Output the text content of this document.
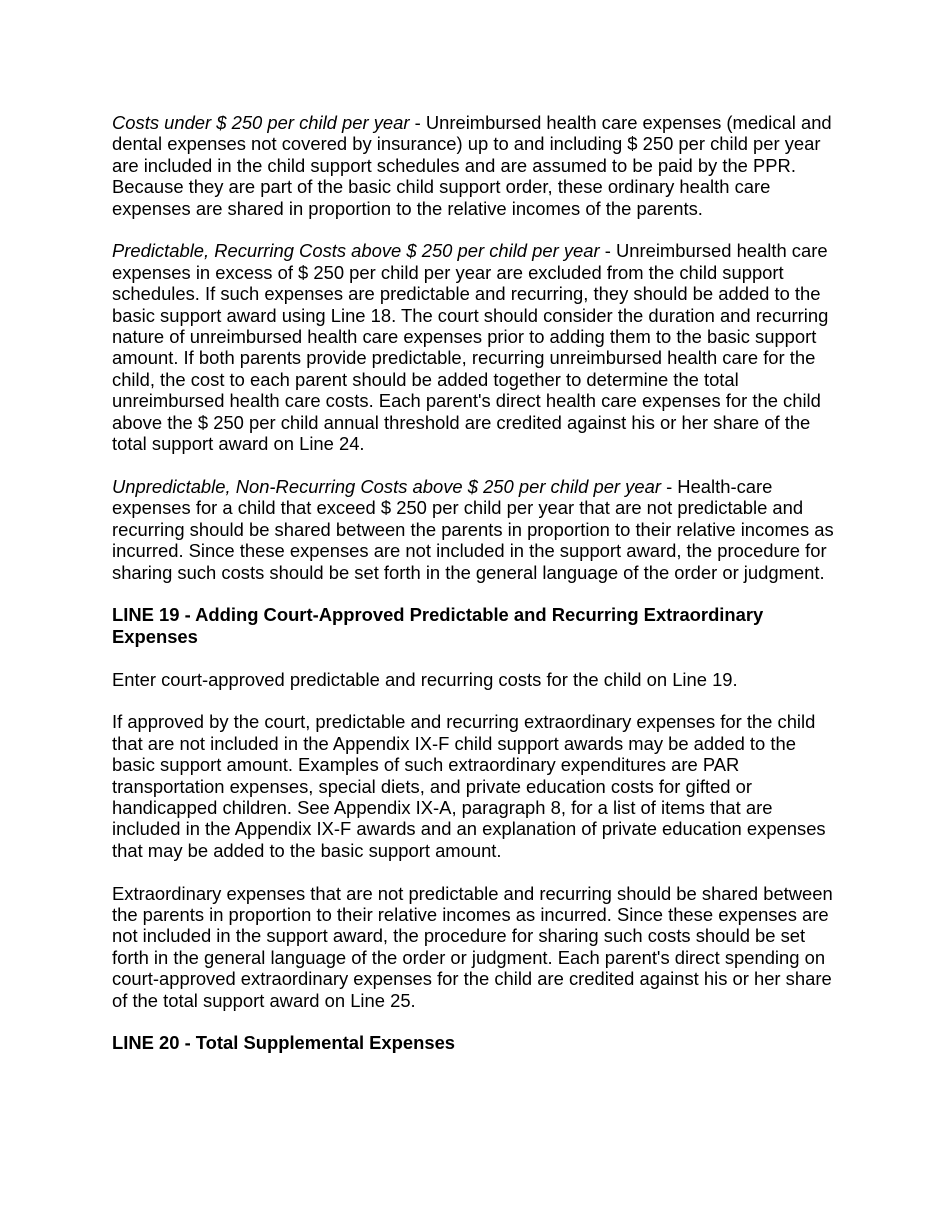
Costs under $ 250 per child per year - Unreimbursed health care expenses (medical and dental expenses not covered by insurance) up to and including $ 250 per child per year are included in the child support schedules and are assumed to be paid by the PPR. Because they are part of the basic child support order, these ordinary health care expenses are shared in proportion to the relative incomes of the parents.

Predictable, Recurring Costs above $ 250 per child per year - Unreimbursed health care expenses in excess of $ 250 per child per year are excluded from the child support schedules. If such expenses are predictable and recurring, they should be added to the basic support award using Line 18. The court should consider the duration and recurring nature of unreimbursed health care expenses prior to adding them to the basic support amount. If both parents provide predictable, recurring unreimbursed health care for the child, the cost to each parent should be added together to determine the total unreimbursed health care costs. Each parent's direct health care expenses for the child above the $ 250 per child annual threshold are credited against his or her share of the total support award on Line 24.

Unpredictable, Non-Recurring Costs above $ 250 per child per year - Health-care expenses for a child that exceed $ 250 per child per year that are not predictable and recurring should be shared between the parents in proportion to their relative incomes as incurred. Since these expenses are not included in the support award, the procedure for sharing such costs should be set forth in the general language of the order or judgment.

LINE 19 - Adding Court-Approved Predictable and Recurring Extraordinary Expenses

Enter court-approved predictable and recurring costs for the child on Line 19.

If approved by the court, predictable and recurring extraordinary expenses for the child that are not included in the Appendix IX-F child support awards may be added to the basic support amount. Examples of such extraordinary expenditures are PAR transportation expenses, special diets, and private education costs for gifted or handicapped children. See Appendix IX-A, paragraph 8, for a list of items that are included in the Appendix IX-F awards and an explanation of private education expenses that may be added to the basic support amount.

Extraordinary expenses that are not predictable and recurring should be shared between the parents in proportion to their relative incomes as incurred. Since these expenses are not included in the support award, the procedure for sharing such costs should be set forth in the general language of the order or judgment. Each parent's direct spending on court-approved extraordinary expenses for the child are credited against his or her share of the total support award on Line 25.

LINE 20 - Total Supplemental Expenses
